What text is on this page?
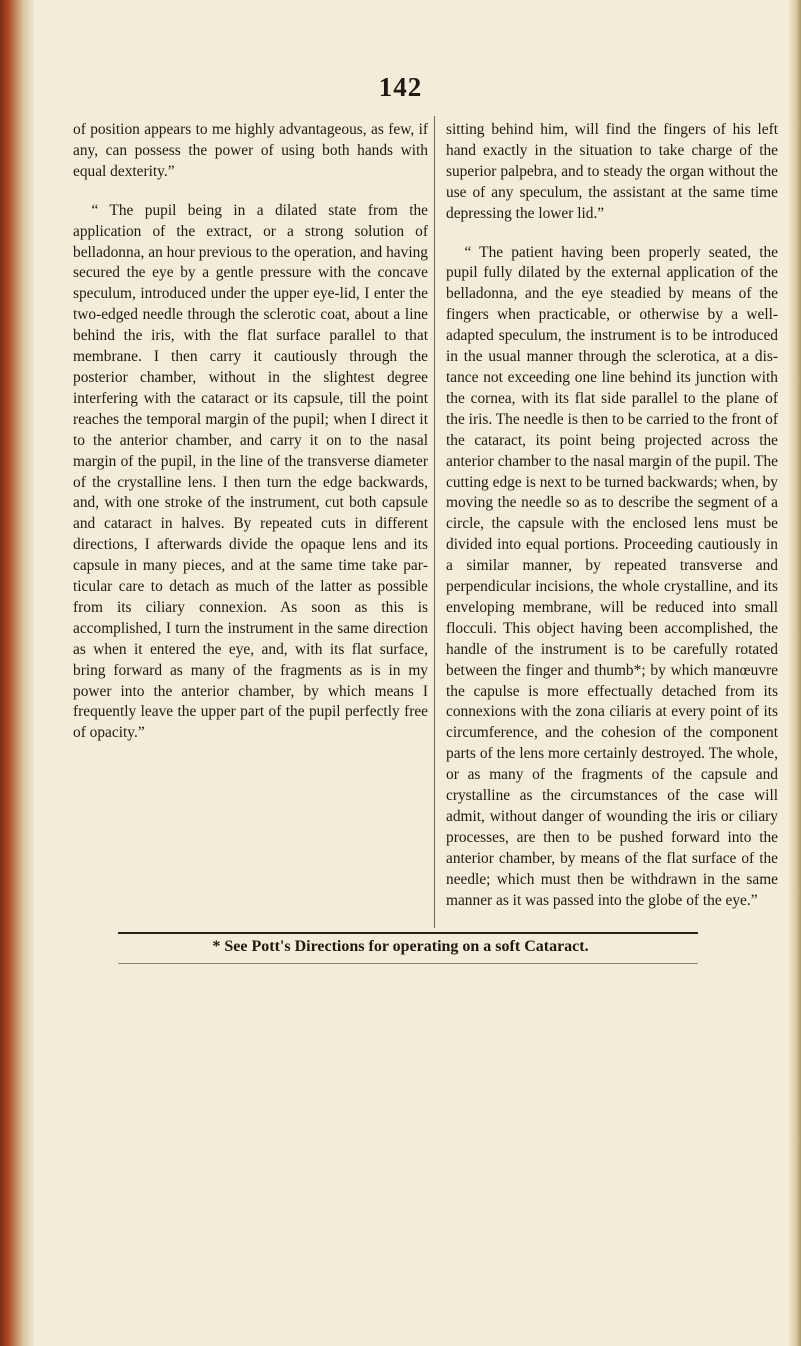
142

of position appears to me highly advantageous, as few, if any, can possess the power of using both hands with equal dexterity.”

“ The pupil being in a dilated state from the application of the extract, or a strong solution of belladonna, an hour previous to the operation, and having secured the eye by a gentle pressure with the concave speculum, introduced under the upper eye-lid, I enter the two-edged needle through the sclerotic coat, about a line behind the iris, with the flat surface parallel to that membrane. I then carry it cautiously through the posterior chamber, without in the slightest degree interfering with the cataract or its capsule, till the point reaches the temporal margin of the pupil; when I direct it to the anterior chamber, and carry it on to the nasal margin of the pupil, in the line of the transverse diameter of the crystalline lens. I then turn the edge backwards, and, with one stroke of the instrument, cut both capsule and cataract in halves. By repeated cuts in different directions, I afterwards divide the opaque lens and its capsule in many pieces, and at the same time take particular care to detach as much of the latter as possible from its ciliary connexion. As soon as this is accomplished, I turn the instrument in the same direction as when it entered the eye, and, with its flat surface, bring forward as many of the fragments as is in my power into the anterior chamber, by which means I frequently leave the upper part of the pupil perfectly free of opacity.”

sitting behind him, will find the fingers of his left hand exactly in the situation to take charge of the superior palpebra, and to steady the organ without the use of any speculum, the assistant at the same time depressing the lower lid.”

“ The patient having been properly seated, the pupil fully dilated by the external application of the belladonna, and the eye steadied by means of the fingers when practicable, or otherwise by a well-adapted speculum, the instrument is to be introduced in the usual manner through the sclerotica, at a distance not exceeding one line behind its junction with the cornea, with its flat side parallel to the plane of the iris. The needle is then to be carried to the front of the cataract, its point being projected across the anterior chamber to the nasal margin of the pupil. The cutting edge is next to be turned backwards; when, by moving the needle so as to describe the segment of a circle, the capsule with the enclosed lens must be divided into equal portions. Proceeding cautiously in a similar manner, by repeated transverse and perpendicular incisions, the whole crystalline, and its enveloping membrane, will be reduced into small flocculi. This object having been accomplished, the handle of the instrument is to be carefully rotated between the finger and thumb*; by which manœuvre the capulse is more effectually detached from its connexions with the zona ciliaris at every point of its circumference, and the cohesion of the component parts of the lens more certainly destroyed. The whole, or as many of the fragments of the capsule and crystalline as the circumstances of the case will admit, without danger of wounding the iris or ciliary processes, are then to be pushed forward into the anterior chamber, by means of the flat surface of the needle; which must then be withdrawn in the same manner as it was passed into the globe of the eye.”

* See Pott's Directions for operating on a soft Cataract.
